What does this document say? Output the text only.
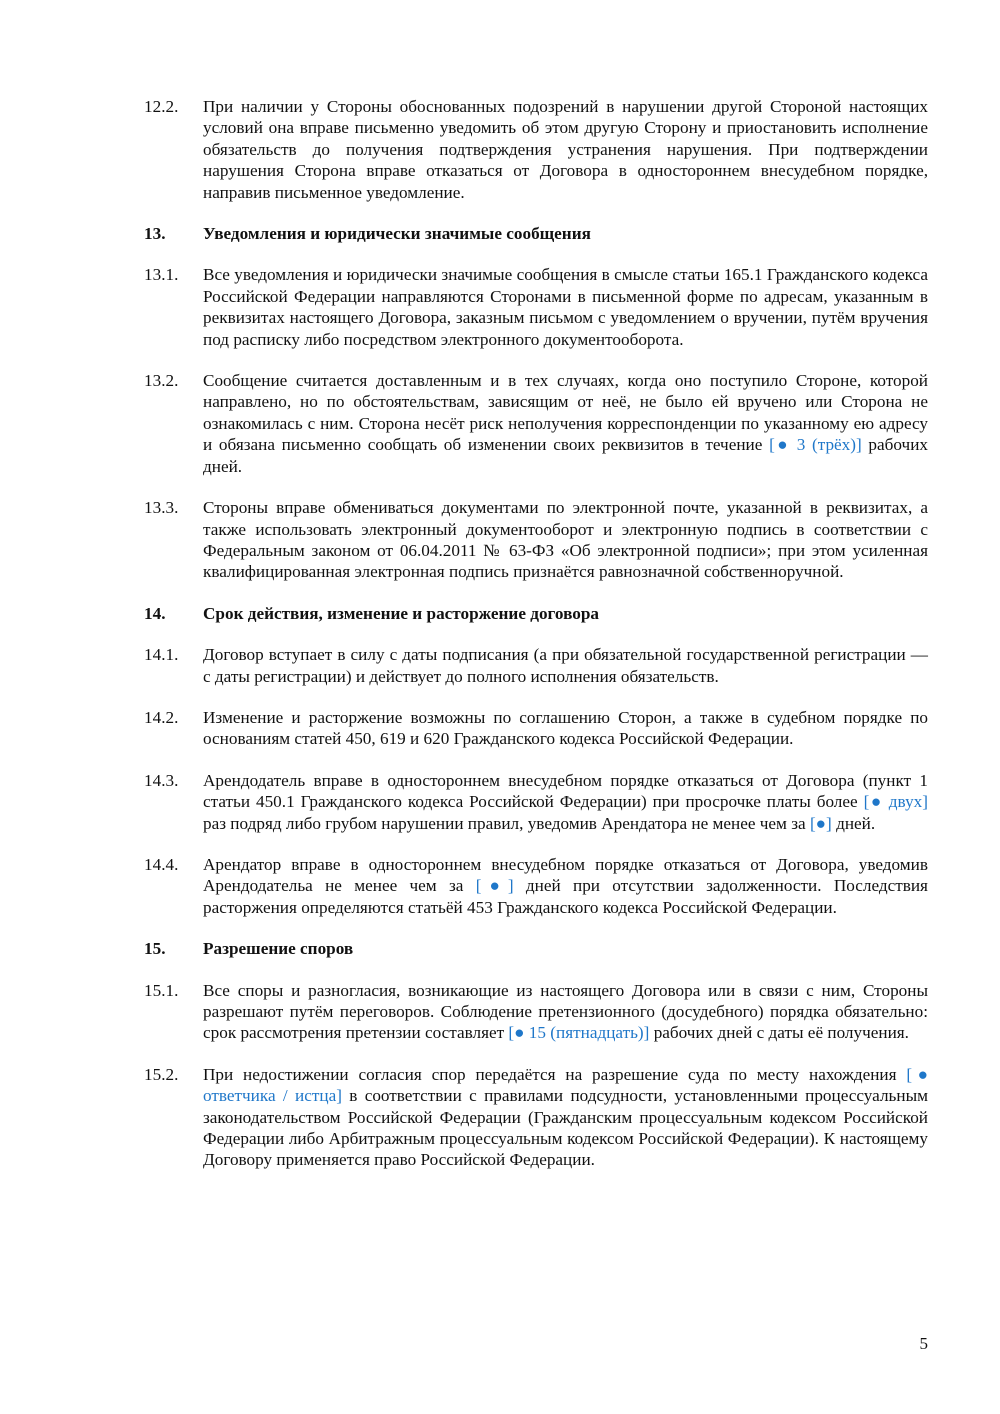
12.2.	При наличии у Стороны обоснованных подозрений в нарушении другой Стороной настоящих условий она вправе письменно уведомить об этом другую Сторону и приостановить исполнение обязательств до получения подтверждения устранения нарушения. При подтверждении нарушения Сторона вправе отказаться от Договора в одностороннем внесудебном порядке, направив письменное уведомление.
13.	Уведомления и юридически значимые сообщения
13.1.	Все уведомления и юридически значимые сообщения в смысле статьи 165.1 Гражданского кодекса Российской Федерации направляются Сторонами в письменной форме по адресам, указанным в реквизитах настоящего Договора, заказным письмом с уведомлением о вручении, путём вручения под расписку либо посредством электронного документооборота.
13.2.	Сообщение считается доставленным и в тех случаях, когда оно поступило Стороне, которой направлено, но по обстоятельствам, зависящим от неё, не было ей вручено или Сторона не ознакомилась с ним. Сторона несёт риск неполучения корреспонденции по указанному ею адресу и обязана письменно сообщать об изменении своих реквизитов в течение [● 3 (трёх)] рабочих дней.
13.3.	Стороны вправе обмениваться документами по электронной почте, указанной в реквизитах, а также использовать электронный документооборот и электронную подпись в соответствии с Федеральным законом от 06.04.2011 № 63-ФЗ «Об электронной подписи»; при этом усиленная квалифицированная электронная подпись признаётся равнозначной собственноручной.
14.	Срок действия, изменение и расторжение договора
14.1.	Договор вступает в силу с даты подписания (а при обязательной государственной регистрации — с даты регистрации) и действует до полного исполнения обязательств.
14.2.	Изменение и расторжение возможны по соглашению Сторон, а также в судебном порядке по основаниям статей 450, 619 и 620 Гражданского кодекса Российской Федерации.
14.3.	Арендодатель вправе в одностороннем внесудебном порядке отказаться от Договора (пункт 1 статьи 450.1 Гражданского кодекса Российской Федерации) при просрочке платы более [● двух] раз подряд либо грубом нарушении правил, уведомив Арендатора не менее чем за [●] дней.
14.4.	Арендатор вправе в одностороннем внесудебном порядке отказаться от Договора, уведомив Арендодательа не менее чем за [●] дней при отсутствии задолженности. Последствия расторжения определяются статьёй 453 Гражданского кодекса Российской Федерации.
15.	Разрешение споров
15.1.	Все споры и разногласия, возникающие из настоящего Договора или в связи с ним, Стороны разрешают путём переговоров. Соблюдение претензионного (досудебного) порядка обязательно: срок рассмотрения претензии составляет [● 15 (пятнадцать)] рабочих дней с даты её получения.
15.2.	При недостижении согласия спор передаётся на разрешение суда по месту нахождения [● ответчика / истца] в соответствии с правилами подсудности, установленными процессуальным законодательством Российской Федерации (Гражданским процессуальным кодексом Российской Федерации либо Арбитражным процессуальным кодексом Российской Федерации). К настоящему Договору применяется право Российской Федерации.
5
